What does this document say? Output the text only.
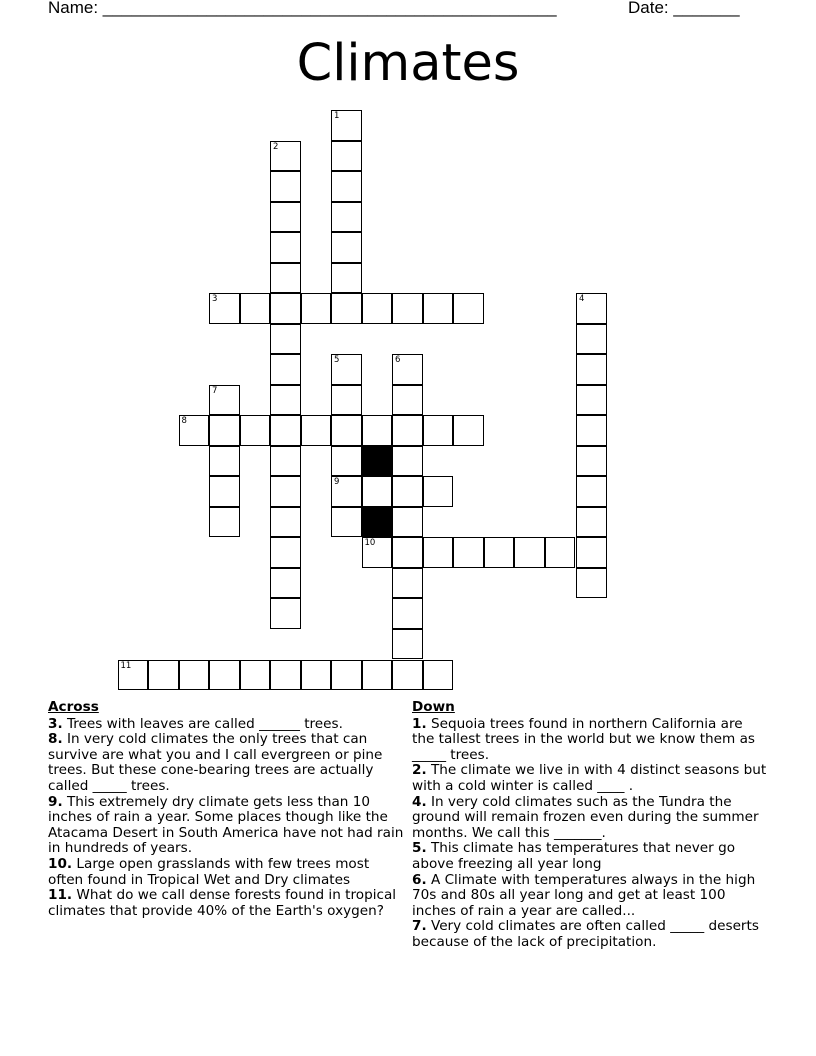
Name: ________________________________________________	Date: _______
Climates
1
2
3	4
5
9
6
7
8
10
11
Across

3. Trees with leaves are called ______ trees.

8. In very cold climates the only trees that can survive are what you and I call evergreen or pine trees. But these cone-bearing trees are actually called _____ trees.

9. This extremely dry climate gets less than 10 inches of rain a year. Some places though like the Atacama Desert in South America have not had rain in hundreds of years.

10. Large open grasslands with few trees most often found in Tropical Wet and Dry climates

11. What do we call dense forests found in tropical climates that provide 40% of the Earth's oxygen?

Down

1. Sequoia trees found in northern California are the tallest trees in the world but we know them as _____ trees.

2. The climate we live in with 4 distinct seasons but with a cold winter is called ____ .

4. In very cold climates such as the Tundra the ground will remain frozen even during the summer months. We call this _______.

5. This climate has temperatures that never go above freezing all year long

6. A Climate with temperatures always in the high 70s and 80s all year long and get at least 100 inches of rain a year are called...

7. Very cold climates are often called _____ deserts because of the lack of precipitation.
